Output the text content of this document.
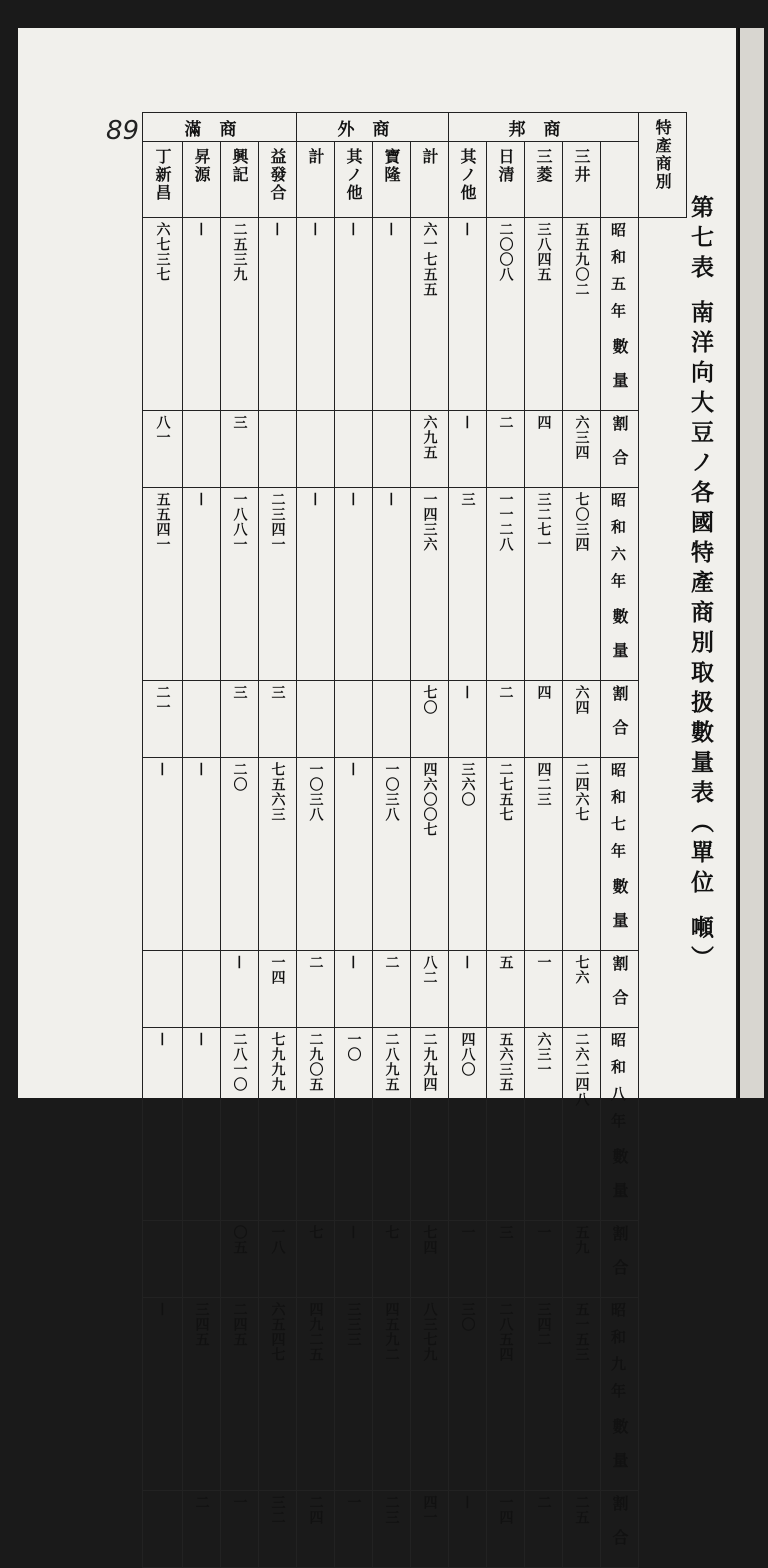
89
第七表 南洋向大豆ノ各國特產商別取扱數量表（單位 噸）
滿商				外商				邦商					特產商別
丁新昌	昇源	興記	益發合	計	其ノ他	寶隆	計	其ノ他	日清	三菱	三井		
六七三七	—	二五三九	—	—	—	—	六一七五五	—	二〇〇八	三八四五	五五九〇二	昭和五年數量	
八一		三					六九五	—	二	四	六三四	割合	
五五四一	—	一八八一	二三四一	—	—	—	一四三六	三	一一二八	三二七一	七〇三四	昭和六年數量	
二一		三	三				七〇	—	二	四	六四	割合	
—	—	二〇	七五六三	一〇三八	—	一〇三八	四六〇〇七	三六〇	二七五七	四二三	二四六七	昭和七年數量	
		—	一四	二	—	二	八二	—	五	一	七六	割合	
—	—	二八一〇	七九九九	二九〇五	一〇	二八九五	二九九四	四八〇	五六三五	六三一	二六二四八	昭和八年數量	
		〇五	一八	七	—	七	七四	一	三	一	五九	割合	
—	三四五	二四五	六五四七	四九二五	三三三	四五九二	八三七九	三〇	二八五四	三四二	五一五三	昭和九年數量	
	二	一	三二	二四	一	二三	四一	—	一四	二	二五	割合	
